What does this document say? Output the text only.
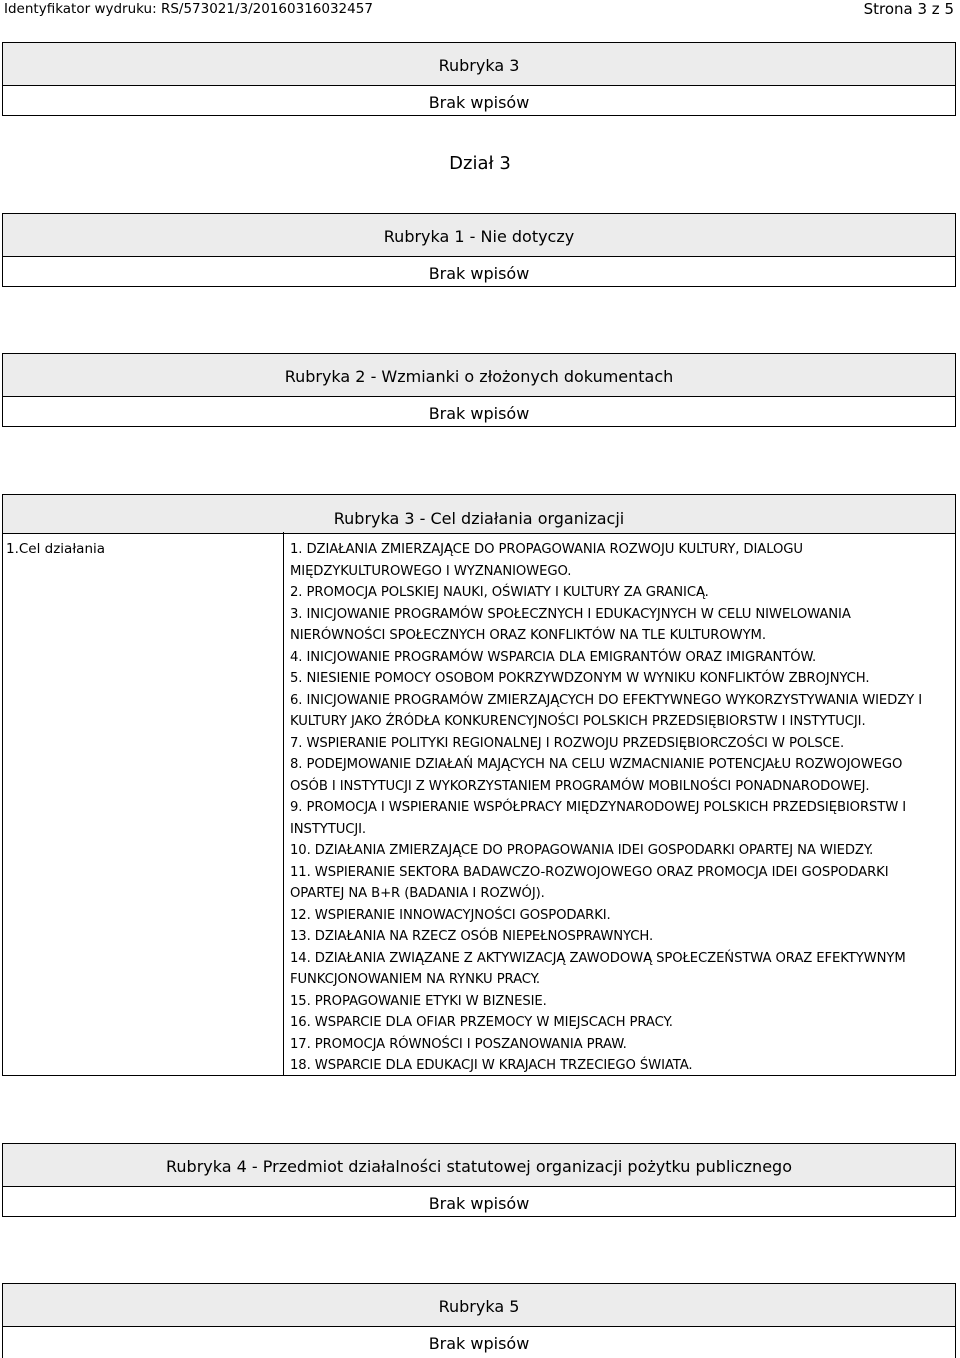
Identyfikator wydruku: RS/573021/3/20160316032457	Strona 3 z 5
Rubryka 3
Brak wpisów
Dział 3
Rubryka 1 - Nie dotyczy
Brak wpisów
Rubryka 2 - Wzmianki o złożonych dokumentach
Brak wpisów
Rubryka 3 - Cel działania organizacji
1.Cel działania	1. DZIAŁANIA ZMIERZAJĄCE DO PROPAGOWANIA ROZWOJU KULTURY, DIALOGU
MIĘDZYKULTUROWEGO I WYZNANIOWEGO.
2. PROMOCJA POLSKIEJ NAUKI, OŚWIATY I KULTURY ZA GRANICĄ.
3. INICJOWANIE PROGRAMÓW SPOŁECZNYCH I EDUKACYJNYCH W CELU NIWELOWANIA
NIERÓWNOŚCI SPOŁECZNYCH ORAZ KONFLIKTÓW NA TLE KULTUROWYM.
4. INICJOWANIE PROGRAMÓW WSPARCIA DLA EMIGRANTÓW ORAZ IMIGRANTÓW.
5. NIESIENIE POMOCY OSOBOM POKRZYWDZONYM W WYNIKU KONFLIKTÓW ZBROJNYCH.
6. INICJOWANIE PROGRAMÓW ZMIERZAJĄCYCH DO EFEKTYWNEGO WYKORZYSTYWANIA WIEDZY I
KULTURY JAKO ŹRÓDŁA KONKURENCYJNOŚCI POLSKICH PRZEDSIĘBIORSTW I INSTYTUCJI.
7. WSPIERANIE POLITYKI REGIONALNEJ I ROZWOJU PRZEDSIĘBIORCZOŚCI W POLSCE.
8. PODEJMOWANIE DZIAŁAŃ MAJĄCYCH NA CELU WZMACNIANIE POTENCJAŁU ROZWOJOWEGO
OSÓB I INSTYTUCJI Z WYKORZYSTANIEM PROGRAMÓW MOBILNOŚCI PONADNARODOWEJ.
9. PROMOCJA I WSPIERANIE WSPÓŁPRACY MIĘDZYNARODOWEJ POLSKICH PRZEDSIĘBIORSTW I
INSTYTUCJI.
10. DZIAŁANIA ZMIERZAJĄCE DO PROPAGOWANIA IDEI GOSPODARKI OPARTEJ NA WIEDZY.
11. WSPIERANIE SEKTORA BADAWCZO-ROZWOJOWEGO ORAZ PROMOCJA IDEI GOSPODARKI
OPARTEJ NA B+R (BADANIA I ROZWÓJ).
12. WSPIERANIE INNOWACYJNOŚCI GOSPODARKI.
13. DZIAŁANIA NA RZECZ OSÓB NIEPEŁNOSPRAWNYCH.
14. DZIAŁANIA ZWIĄZANE Z AKTYWIZACJĄ ZAWODOWĄ SPOŁECZEŃSTWA ORAZ EFEKTYWNYM
FUNKCJONOWANIEM NA RYNKU PRACY.
15. PROPAGOWANIE ETYKI W BIZNESIE.
16. WSPARCIE DLA OFIAR PRZEMOCY W MIEJSCACH PRACY.
17. PROMOCJA RÓWNOŚCI I POSZANOWANIA PRAW.
18. WSPARCIE DLA EDUKACJI W KRAJACH TRZECIEGO ŚWIATA.
Rubryka 4 - Przedmiot działalności statutowej organizacji pożytku publicznego
Brak wpisów
Rubryka 5
Brak wpisów
